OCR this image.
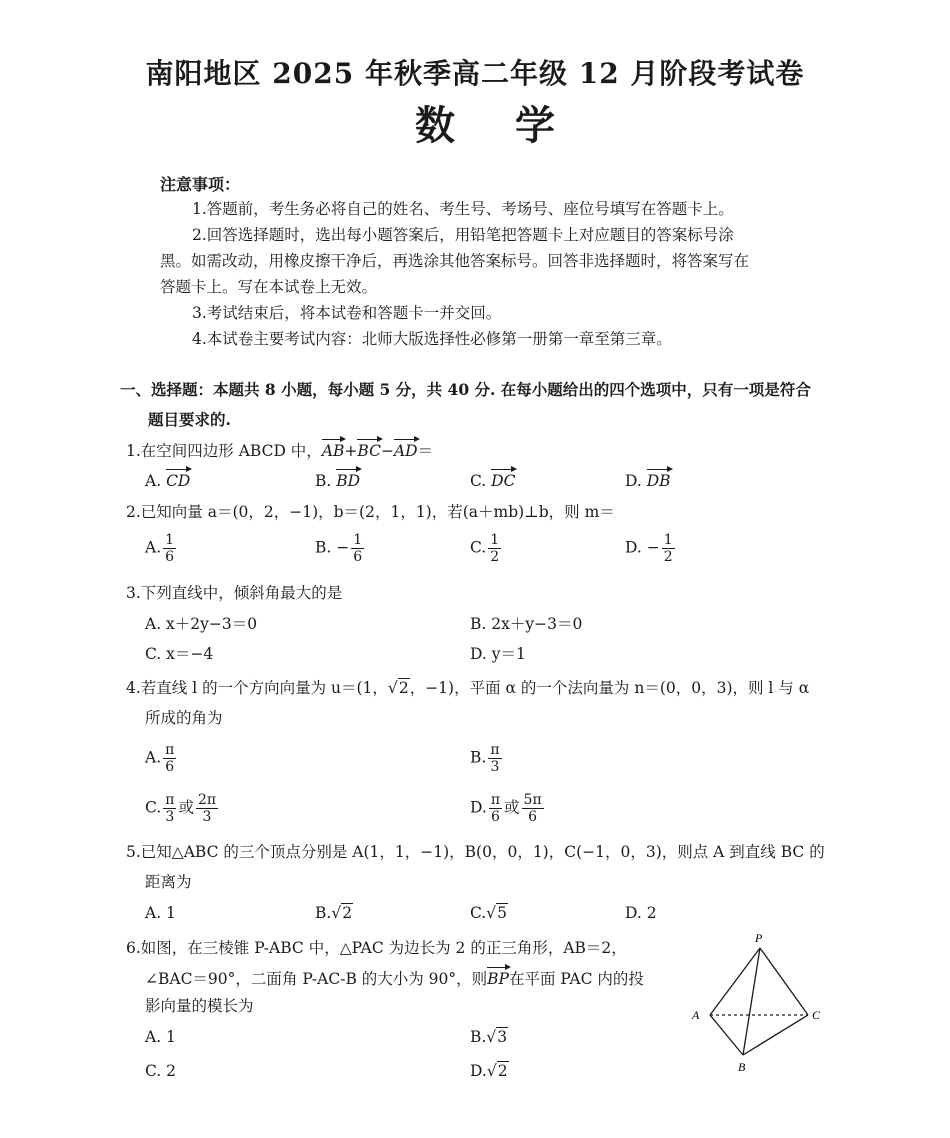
南阳地区 2025 年秋季高二年级 12 月阶段考试卷
数学
注意事项：
1.答题前，考生务必将自己的姓名、考生号、考场号、座位号填写在答题卡上。
2.回答选择题时，选出每小题答案后，用铅笔把答题卡上对应题目的答案标号涂
黑。如需改动，用橡皮擦干净后，再选涂其他答案标号。回答非选择题时，将答案写在
答题卡上。写在本试卷上无效。
3.考试结束后，将本试卷和答题卡一并交回。
4.本试卷主要考试内容：北师大版选择性必修第一册第一章至第三章。
一、选择题：本题共 8 小题，每小题 5 分，共 40 分. 在每小题给出的四个选项中，只有一项是符合
题目要求的.
1.在空间四边形 ABCD 中，AB+BC−AD＝
A. CD	B. BD	C. DC	D. DB
2.已知向量 a＝(0，2，−1)，b＝(2，1，1)，若(a＋mb)⊥b，则 m＝
A. $\frac{1}{6}$	B. − $\frac{1}{6}$	C. $\frac{1}{2}$	D. − $\frac{1}{2}$
3.下列直线中，倾斜角最大的是
A. x＋2y−3＝0	B. 2x＋y−3＝0
C. x＝−4	D. y＝1
4.若直线 l 的一个方向向量为 u＝(1，√2，−1)，平面 α 的一个法向量为 n＝(0，0，3)，则 l 与 α
所成的角为
A. $\frac{\pi}{6}$	B. $\frac{\pi}{3}$
C. $\frac{\pi}{3}$ 或 $\frac{2\pi}{3}$	D. $\frac{\pi}{6}$ 或 $\frac{5\pi}{6}$
5.已知△ABC 的三个顶点分别是 A(1，1，−1)，B(0，0，1)，C(−1，0，3)，则点 A 到直线 BC 的
距离为
A. 1	B.√2	C.√5	D. 2
6.如图，在三棱锥 P-ABC 中，△PAC 为边长为 2 的正三角形，AB＝2，
∠BAC＝90°，二面角 P-AC-B 的大小为 90°，则BP在平面 PAC 内的投
影向量的模长为
A. 1	B.√3
C. 2	D.√2
P
A	C
B
